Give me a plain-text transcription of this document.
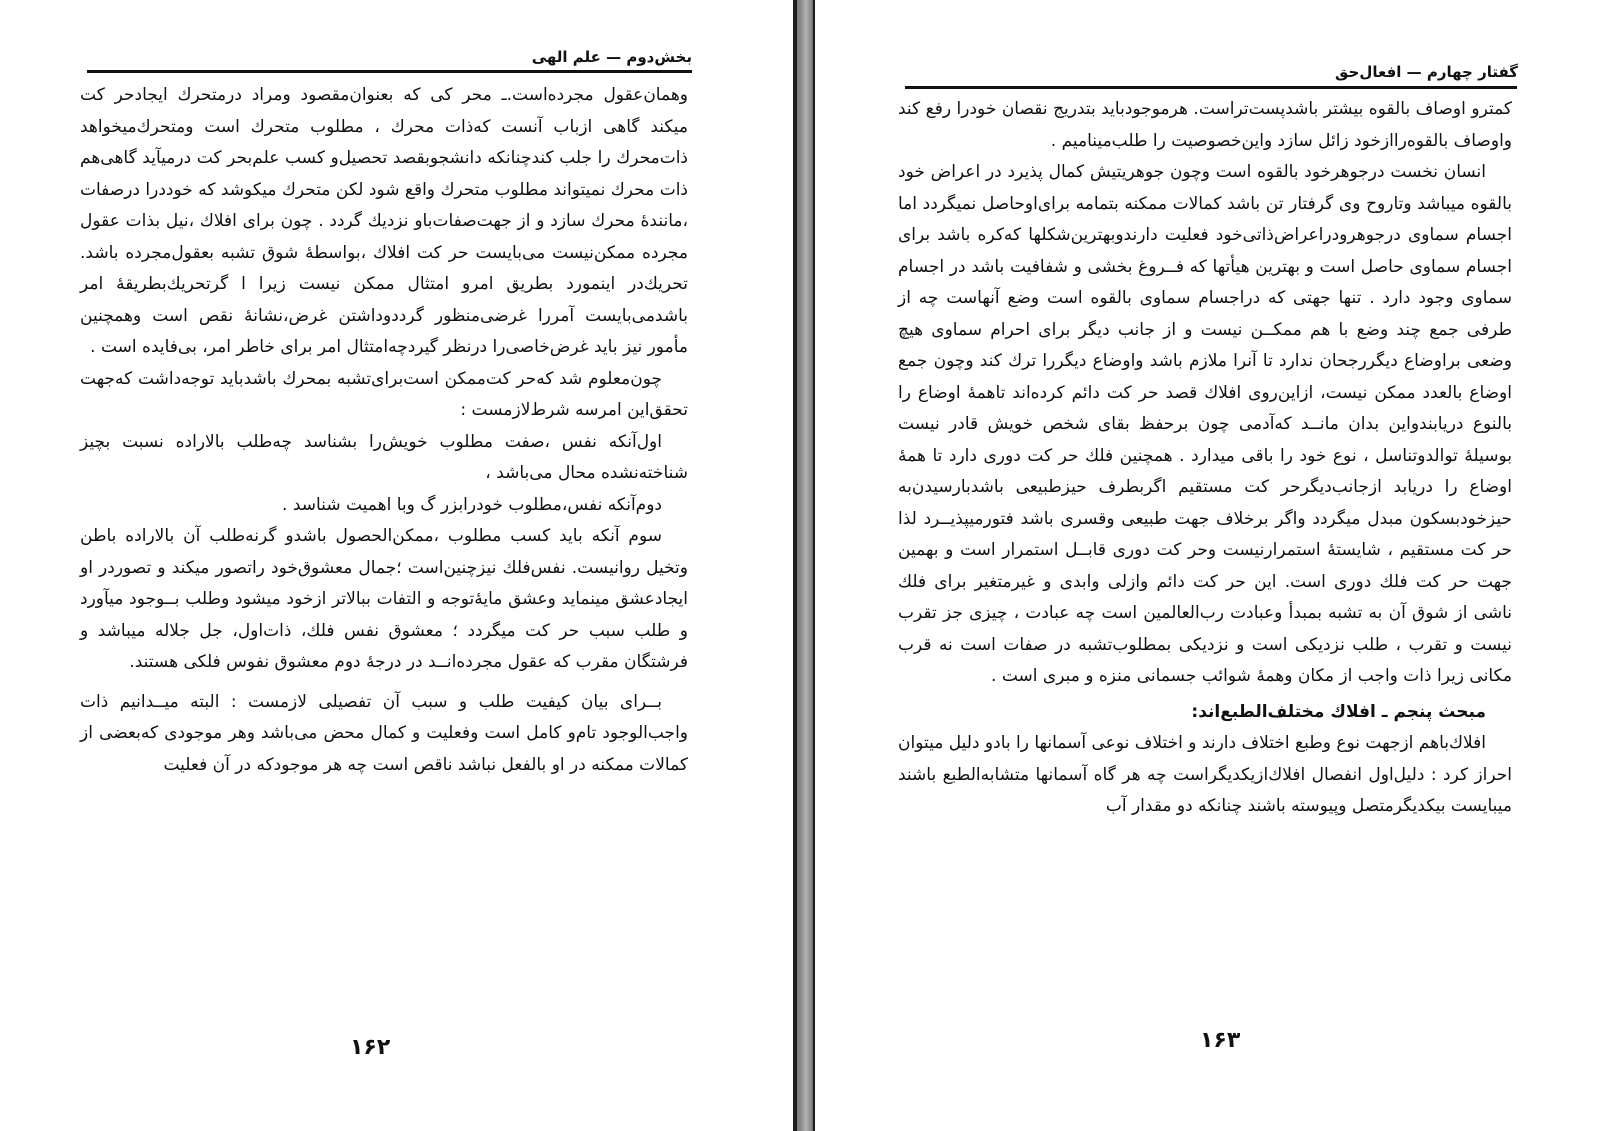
بخش‌دوم — علم الهی

وهمان‌عقول مجرده‌است.ـ محر کی که بعنوان‌مقصود ومراد درمتحرك ایجادحر کت میکند گاهی ازباب آنست کەذات محرك ، مطلوب متحرك است ومتحرك‌میخواهد ذات‌محرك را جلب کندچنانکه دانشجوبقصد تحصیل‌و کسب علم‌بحر کت درمیآید گاهی‌هم ذات محرك نمیتواند مطلوب متحرك واقع شود لکن متحرك میکوشد که خوددرا درصفات ،مانندهٔ محرك سازد و از جهت‌صفات‌باو نزدیك گردد . چون برای افلاك ،نیل بذات عقول مجرده ممکن‌نیست می‌بایست حر کت افلاك ،بواسطهٔ شوق تشبه بعقول‌مجرده باشد. تحریك‌در اینمورد بطریق امرو امتثال ممکن نیست زیرا ا گرتحریك‌بطریقهٔ امر باشدمی‌بایست آمررا غرضی‌منظور گرددوداشتن غرض،نشانهٔ نقص است وهمچنین مأمور نیز باید غرض‌خاصی‌را درنظر گیردچه‌امتثال امر برای خاطر امر، بی‌فایده است .

چون‌معلوم شد که‌حر کت‌ممکن است‌برای‌تشبه بمحرك باشدباید توجه‌داشت کەجهت تحقق‌این امرسه شرط‌لازمست :

اول‌آنکه نفس ،صفت مطلوب خویش‌را بشناسد چه‌طلب بالاراده نسبت بچیز شناخته‌نشده محال می‌باشد ،

دوم‌آنکه نفس،مطلوب خودرابزر گ وبا اهمیت شناسد .

سوم آنکه باید کسب مطلوب ،ممکن‌الحصول باشدو گرنه‌طلب آن بالاراده باطن وتخیل‌ روانیست. نفس‌فلك نیزچنین‌است ؛جمال معشوق‌خود راتصور میکند و تصوردر او ایجادعشق مینماید وعشق مایهٔ‌توجه و التفات ببالاتر ازخود میشود وطلب بــوجود میآورد و طلب سبب حر کت میگردد ؛ معشوق نفس فلك، ذات‌اول، جل جلاله میباشد و فرشتگان مقرب که عقول مجرده‌انــد در درجهٔ دوم معشوق نفوس فلکی هستند.

بــرای بیان کیفیت طلب و سبب آن تفصیلی لازمست : البته میــدانیم ذات واجب‌الوجود تام‌و کامل است وفعلیت و کمال محض می‌باشد وهر موجودی که‌بعضی از کمالات ممکنه در او بالفعل نباشد ناقص است چه هر موجودکه در آن فعلیت

۱۶۲
گفتار چهارم — افعال‌حق

کمترو اوصاف بالقوه بیشتر باشدپست‌تراست. هرموجودباید بتدریج نقصان خودرا رفع کند واوصاف بالقوه‌راازخود زائل سازد واین‌خصوصیت را طلب‌مینامیم .

انسان نخست درجوهرخود بالقوه است وچون جوهر‌یتیش کمال پذیرد در اعراض خود بالقوه میباشد وتاروح وی گرفتار تن باشد کمالات ممکنه بتمامه برای‌اوحاصل نمیگردد اما اجسام سماوی درجوهرودراعراض‌ذاتی‌خود فعلیت دارندو‌بهترین‌شکلها که‌کره باشد برای اجسام سماوی حاصل است و بهترین هیأتها که فــروغ بخشی و شفافیت باشد در اجسام سماوی وجود دارد . تنها جهتی که دراجسام سماوی بالقوه است وضع آنهاست چه از طرفی جمع چند وضع با هم ممکــن نیست و از جانب دیگر برای احرام سماوی هیچ وضعی براوضاع دیگررجحان ندارد تا آنرا ملازم باشد واوضاع دیگررا ترك کند وچون جمع اوضاع بالعدد ممکن نیست، ازاین‌روی افلاك قصد حر کت دائم کرده‌اند تاهمهٔ اوضاع را بالنوع دریابندواین بدان مانــد که‌آدمی چون برحفظ بقای شخص خویش قادر نیست بوسیلهٔ توالدوتناسل ، نوع خود را باقی میدارد . همچنین فلك حر کت دوری دارد تا همهٔ اوضاع را دریابد ازجانب‌دیگرحر کت مستقیم اگربطرف حیزطبیعی باشدبارسیدن‌به حیزخودبسکون مبدل میگردد واگر برخلاف جهت طبیعی وقسری باشد فتورمیپذیــرد لذا حر کت مستقیم ، شایستهٔ استمرارنیست وحر کت دوری قابــل استمرار است و بهمین جهت حر کت فلك دوری است. این حر کت دائم وازلی وابدی و غیرمتغیر برای فلك ناشی از شوق آن به تشبه بمبدأ وعبادت رب‌العالمین است چه عبادت ، چیزی جز تقرب نیست و تقرب ، طلب نزدیکی است و نزدیکی بمطلوب‌تشبه در صفات است نه قرب مکانی زیرا ذات واجب از مکان وهمهٔ شوائب جسمانی منزه و مبری است .

مبحث پنجم ـ افلاك مختلف‌الطبع‌اند:

افلاك‌باهم ازجهت نوع وطبع اختلاف دارند و اختلاف نوعی آسمانها را بادو دلیل میتوان احراز کرد : دلیل‌اول انفصال افلاك‌ازیکدیگراست چه هر گاه آسمانها متشابه‌الطبع باشند میبایست بیکدیگرمتصل وپیوسته باشند چنانکه دو مقدار آب

۱۶۳
